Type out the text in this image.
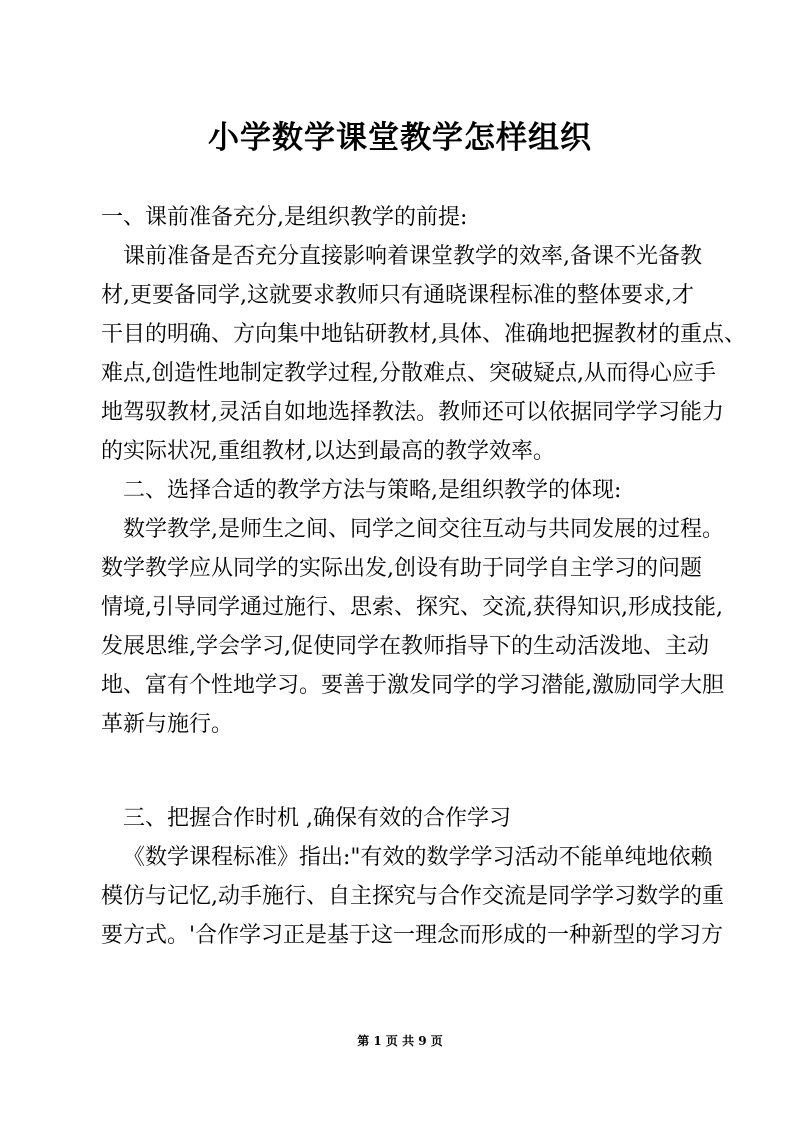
小学数学课堂教学怎样组织
一、课前准备充分,是组织教学的前提:
课前准备是否充分直接影响着课堂教学的效率,备课不光备教
材,更要备同学,这就要求教师只有通晓课程标准的整体要求,才
干目的明确、方向集中地钻研教材,具体、准确地把握教材的重点、
难点,创造性地制定教学过程,分散难点、突破疑点,从而得心应手
地驾驭教材,灵活自如地选择教法。教师还可以依据同学学习能力
的实际状况,重组教材,以达到最高的教学效率。
二、选择合适的教学方法与策略,是组织教学的体现:
数学教学,是师生之间、同学之间交往互动与共同发展的过程。
数学教学应从同学的实际出发,创设有助于同学自主学习的问题
情境,引导同学通过施行、思索、探究、交流,获得知识,形成技能,
发展思维,学会学习,促使同学在教师指导下的生动活泼地、主动
地、富有个性地学习。要善于激发同学的学习潜能,激励同学大胆
革新与施行。
三、把握合作时机 ,确保有效的合作学习
《数学课程标准》指出:"有效的数学学习活动不能单纯地依赖
模仿与记忆,动手施行、自主探究与合作交流是同学学习数学的重
要方式。'合作学习正是基于这一理念而形成的一种新型的学习方
第 1 页 共 9 页
